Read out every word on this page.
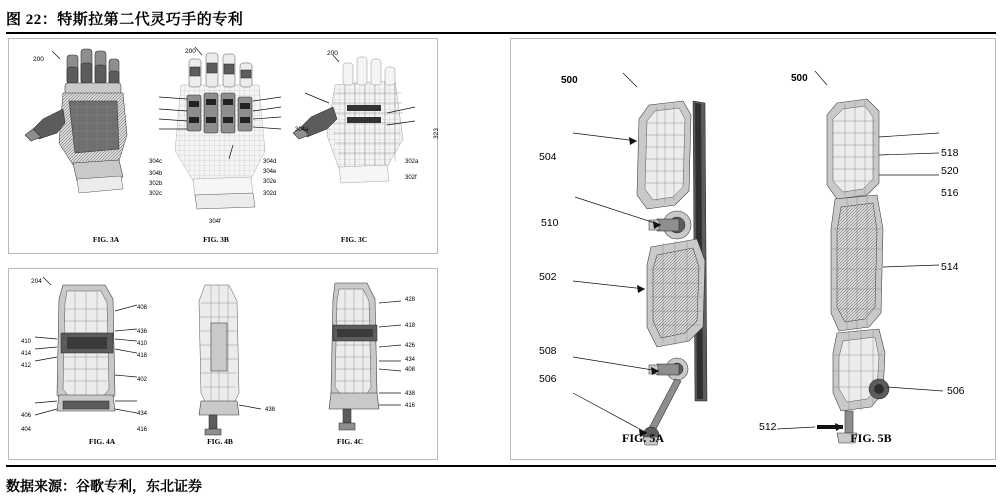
图 22：特斯拉第二代灵巧手的专利
200
200	200
304c
304b
302b
302c
304d
304e
302e
302d
304f
304a
302a
302f
323
FIG. 3A	FIG. 3B	FIG. 3C
204
408
436
410
418
402
434
416
410
414
412
406
404
438
428
418
426
434
408
438
416
FIG. 4A	FIG. 4B	FIG. 4C
500	500
504
510
502
508
506
518
520
516
514
506
512
FIG. 5A	FIG. 5B
数据来源：谷歌专利，东北证券
